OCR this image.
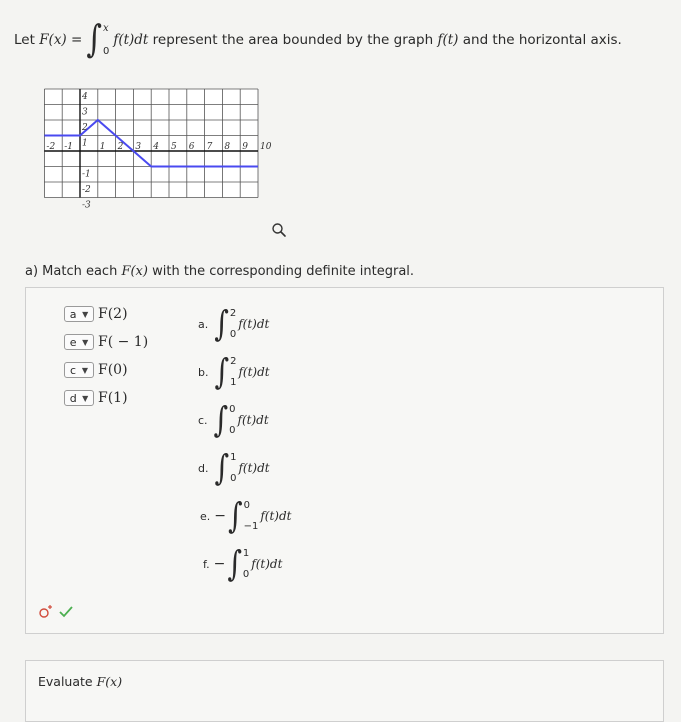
Let
F(x)
= ∫ x
0
f(t)dt
represent the area bounded by the graph
f(t)
and the horizontal axis.
-2 -1	1 2 3 4 5 6 7 8 9 10
4
3
2
1
-1
-2
-3
a) Match each F(x) with the corresponding definite integral.
a ▼ F(2)
e ▼ F( − 1)
c ▼ F(0)
d ▼ F(1)
a. ∫ 2
0
f(t)dt
b. ∫ 2
1
f(t)dt
c. ∫ 0
0
f(t)dt
d. ∫ 1
0
f(t)dt
e. − ∫ 0
−1
f(t)dt
f. − ∫ 1
0
f(t)dt
Evaluate F(x)
